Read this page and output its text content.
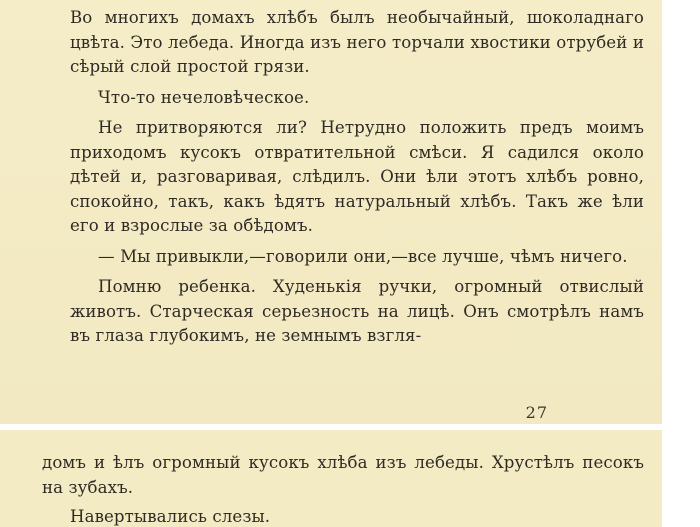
Во многихъ домахъ хлѣбъ былъ необычайный, шоколаднаго цвѣта. Это лебеда. Иногда изъ него торчали хвостики отрубей и сѣрый слой простой грязи.

Что-то нечеловѣческое.

Не притворяются ли? Нетрудно положить предъ моимъ приходомъ кусокъ отвратительной смѣси. Я садился около дѣтей и, разговаривая, слѣдилъ. Они ѣли этотъ хлѣбъ ровно, спокойно, такъ, какъ ѣдятъ натуральный хлѣбъ. Такъ же ѣли его и взрослые за обѣдомъ.

— Мы привыкли,—говорили они,—все лучше, чѣмъ ничего.

Помню ребенка. Худенькія ручки, огромный отвислый животъ. Старческая серьезность на лицѣ. Онъ смотрѣлъ намъ въ глаза глубокимъ, не земнымъ взгля-

27

домъ и ѣлъ огромный кусокъ хлѣба изъ лебеды. Хрустѣлъ песокъ на зубахъ.

Навертывались слезы.
